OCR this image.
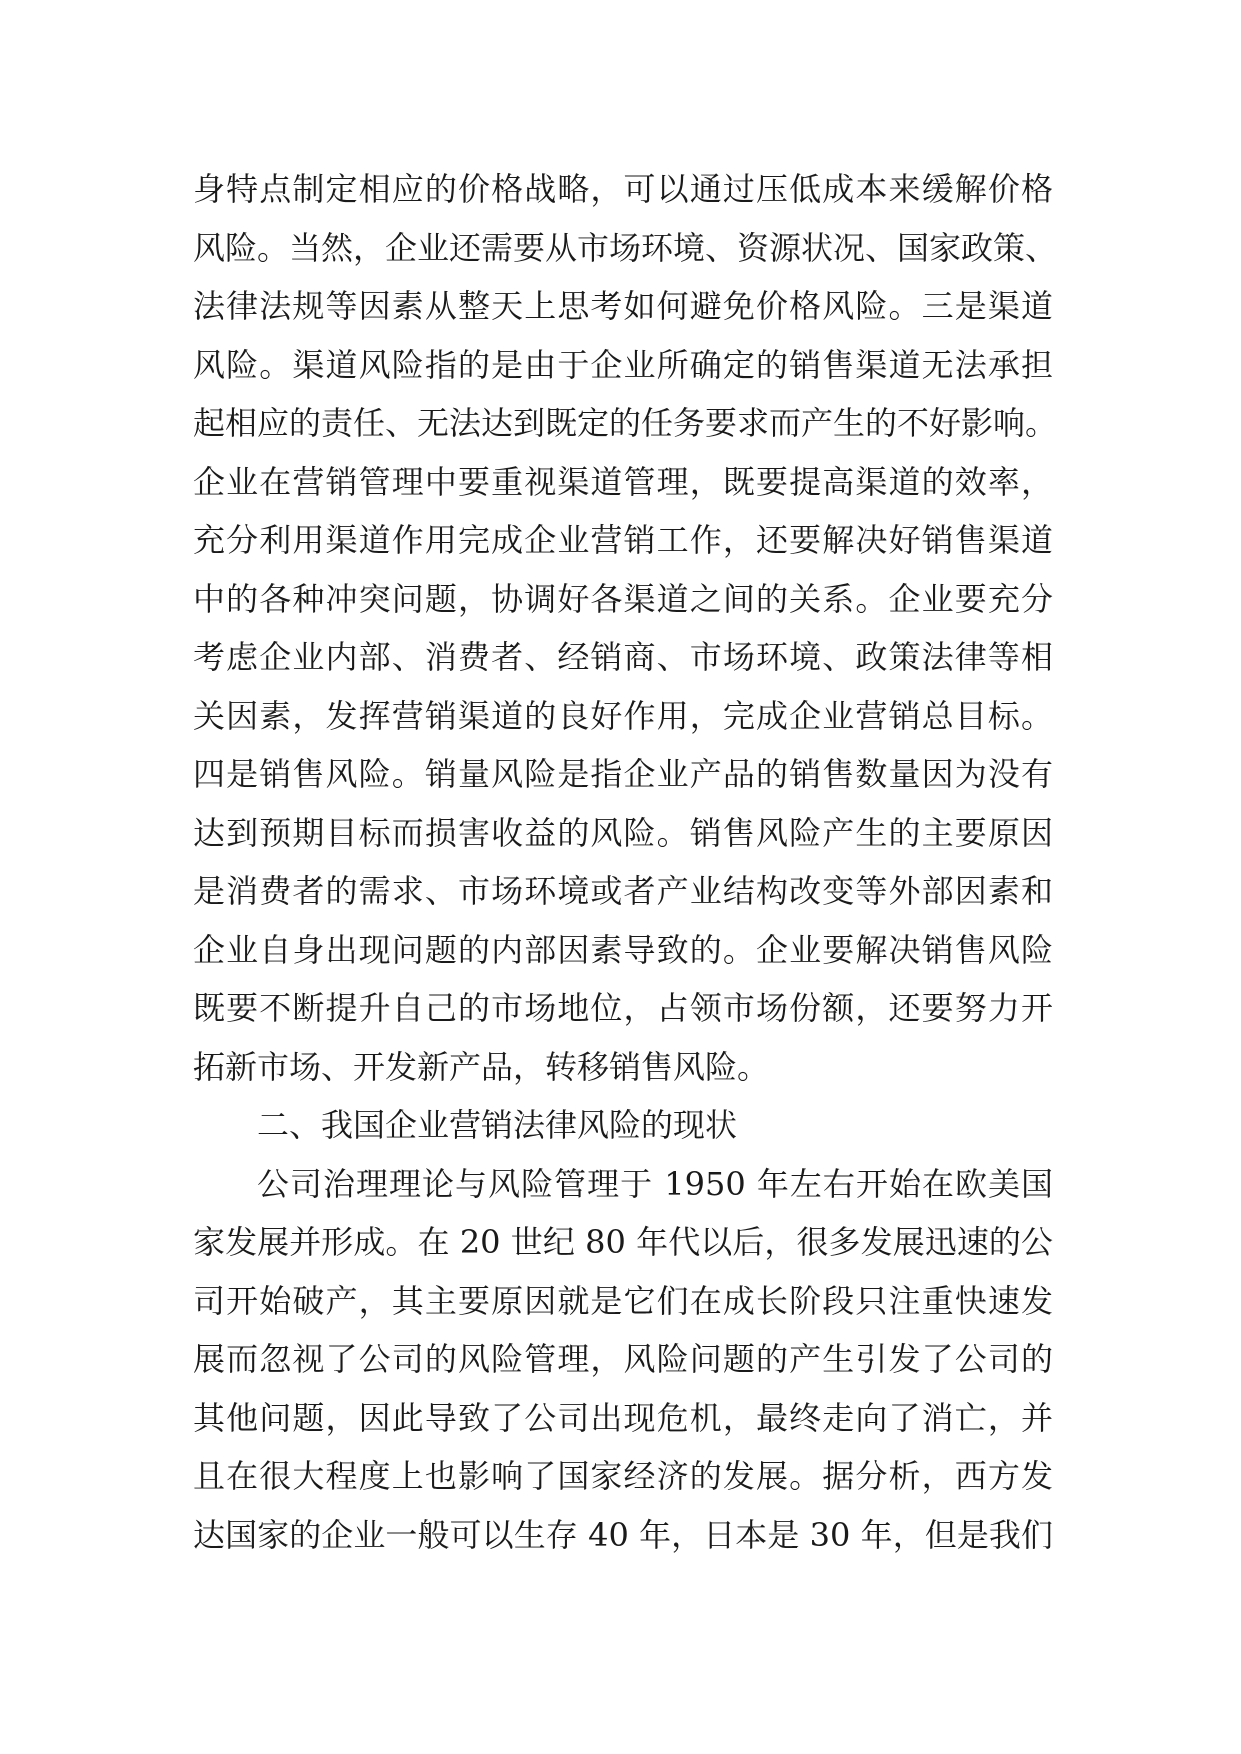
身特点制定相应的价格战略，可以通过压低成本来缓解价格
风险。当然，企业还需要从市场环境、资源状况、国家政策、
法律法规等因素从整天上思考如何避免价格风险。三是渠道
风险。渠道风险指的是由于企业所确定的销售渠道无法承担
起相应的责任、无法达到既定的任务要求而产生的不好影响。
企业在营销管理中要重视渠道管理，既要提高渠道的效率，
充分利用渠道作用完成企业营销工作，还要解决好销售渠道
中的各种冲突问题，协调好各渠道之间的关系。企业要充分
考虑企业内部、消费者、经销商、市场环境、政策法律等相
关因素，发挥营销渠道的良好作用，完成企业营销总目标。
四是销售风险。销量风险是指企业产品的销售数量因为没有
达到预期目标而损害收益的风险。销售风险产生的主要原因
是消费者的需求、市场环境或者产业结构改变等外部因素和
企业自身出现问题的内部因素导致的。企业要解决销售风险
既要不断提升自己的市场地位，占领市场份额，还要努力开
拓新市场、开发新产品，转移销售风险。
二、我国企业营销法律风险的现状
公司治理理论与风险管理于 1950 年左右开始在欧美国
家发展并形成。在 20 世纪 80 年代以后，很多发展迅速的公
司开始破产，其主要原因就是它们在成长阶段只注重快速发
展而忽视了公司的风险管理，风险问题的产生引发了公司的
其他问题，因此导致了公司出现危机，最终走向了消亡，并
且在很大程度上也影响了国家经济的发展。据分析，西方发
达国家的企业一般可以生存 40 年，日本是 30 年，但是我们
